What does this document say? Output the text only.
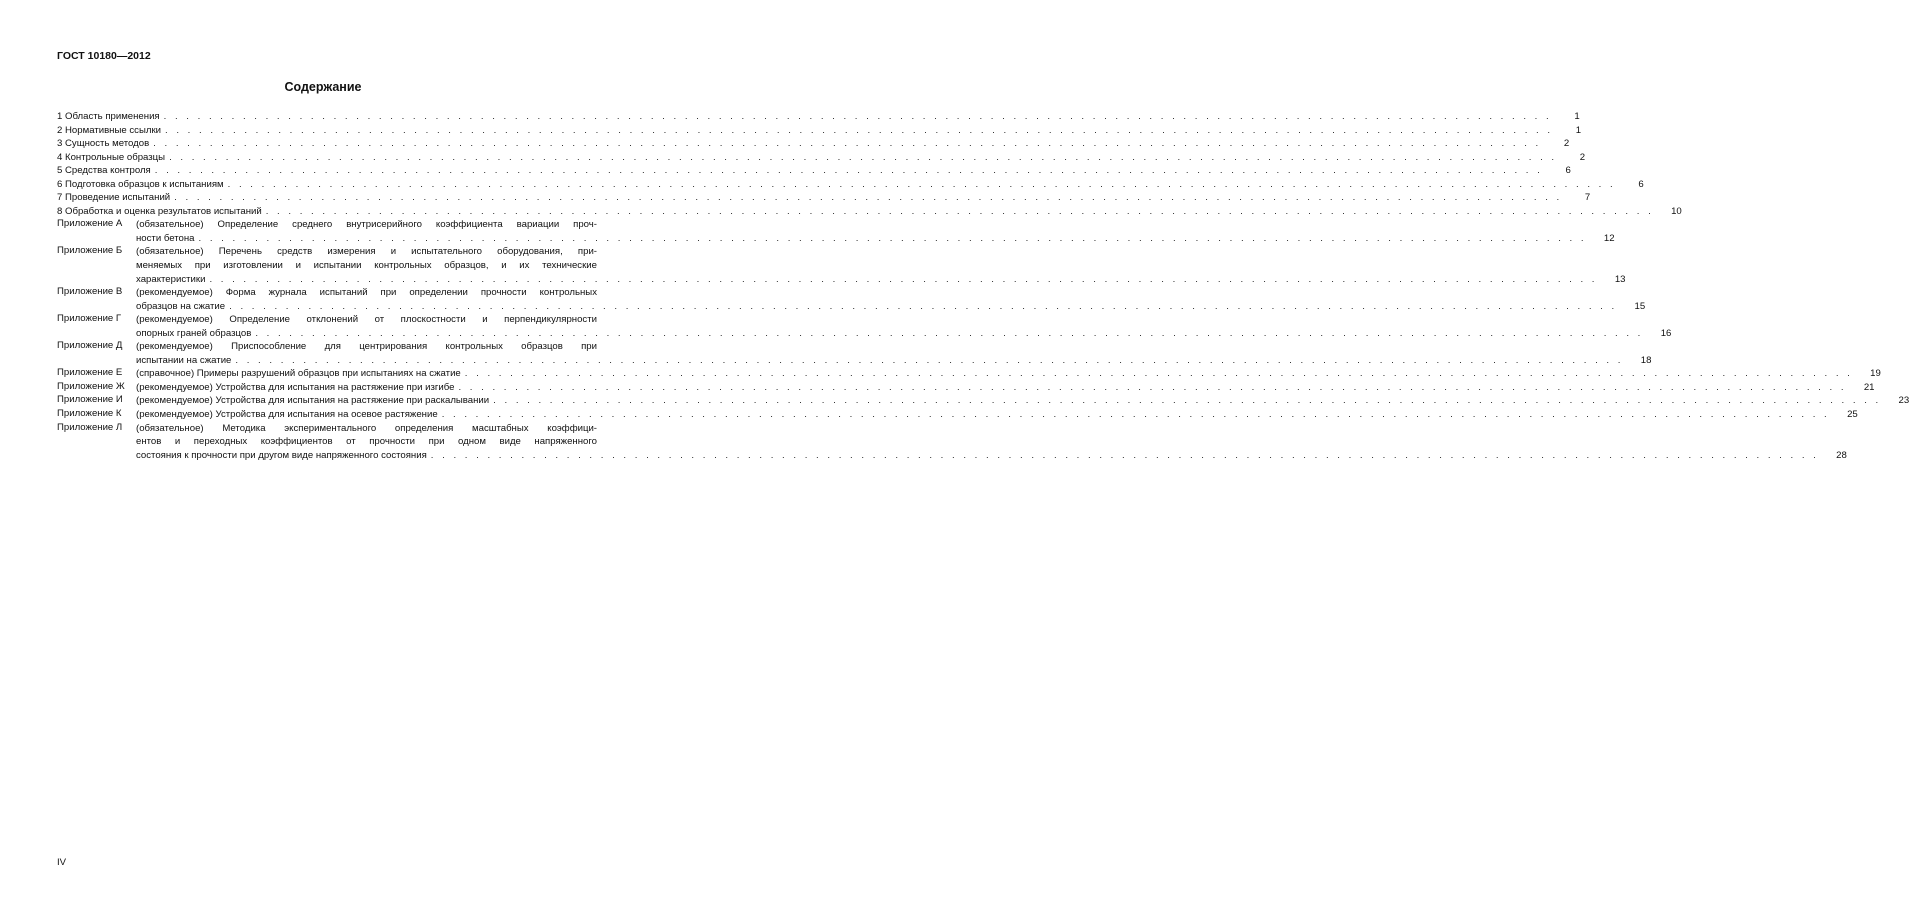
ГОСТ 10180—2012
Содержание
1 Область применения . . .	1
2 Нормативные ссылки . . .	1
3 Сущность методов . . .	2
4 Контрольные образцы . . .	2
5 Средства контроля . . .	6
6 Подготовка образцов к испытаниям . . .	6
7 Проведение испытаний . . .	7
8 Обработка и оценка результатов испытаний . . .	10
Приложение А	(обязательное) Определение среднего внутрисерийного коэффициента вариации проч-
ности бетона . . .	12
Приложение Б	(обязательное) Перечень средств измерения и испытательного оборудования, при-
меняемых при изготовлении и испытании контрольных образцов, и их технические
характеристики . . .	13
Приложение В	(рекомендуемое) Форма журнала испытаний при определении прочности контрольных
образцов на сжатие . . .	15
Приложение Г	(рекомендуемое) Определение отклонений от плоскостности и перпендикулярности
опорных граней образцов . . .	16
Приложение Д	(рекомендуемое) Приспособление для центрирования контрольных образцов при
испытании на сжатие . . .	18
Приложение Е	(справочное) Примеры разрушений образцов при испытаниях на сжатие . . .	19
Приложение Ж	(рекомендуемое) Устройства для испытания на растяжение при изгибе . . .	21
Приложение И	(рекомендуемое) Устройства для испытания на растяжение при раскалывании . . .	23
Приложение К	(рекомендуемое) Устройства для испытания на осевое растяжение . . .	25
Приложение Л	(обязательное) Методика экспериментального определения масштабных коэффици-
ентов и переходных коэффициентов от прочности при одном виде напряженного
состояния к прочности при другом виде напряженного состояния . . .	28
IV
